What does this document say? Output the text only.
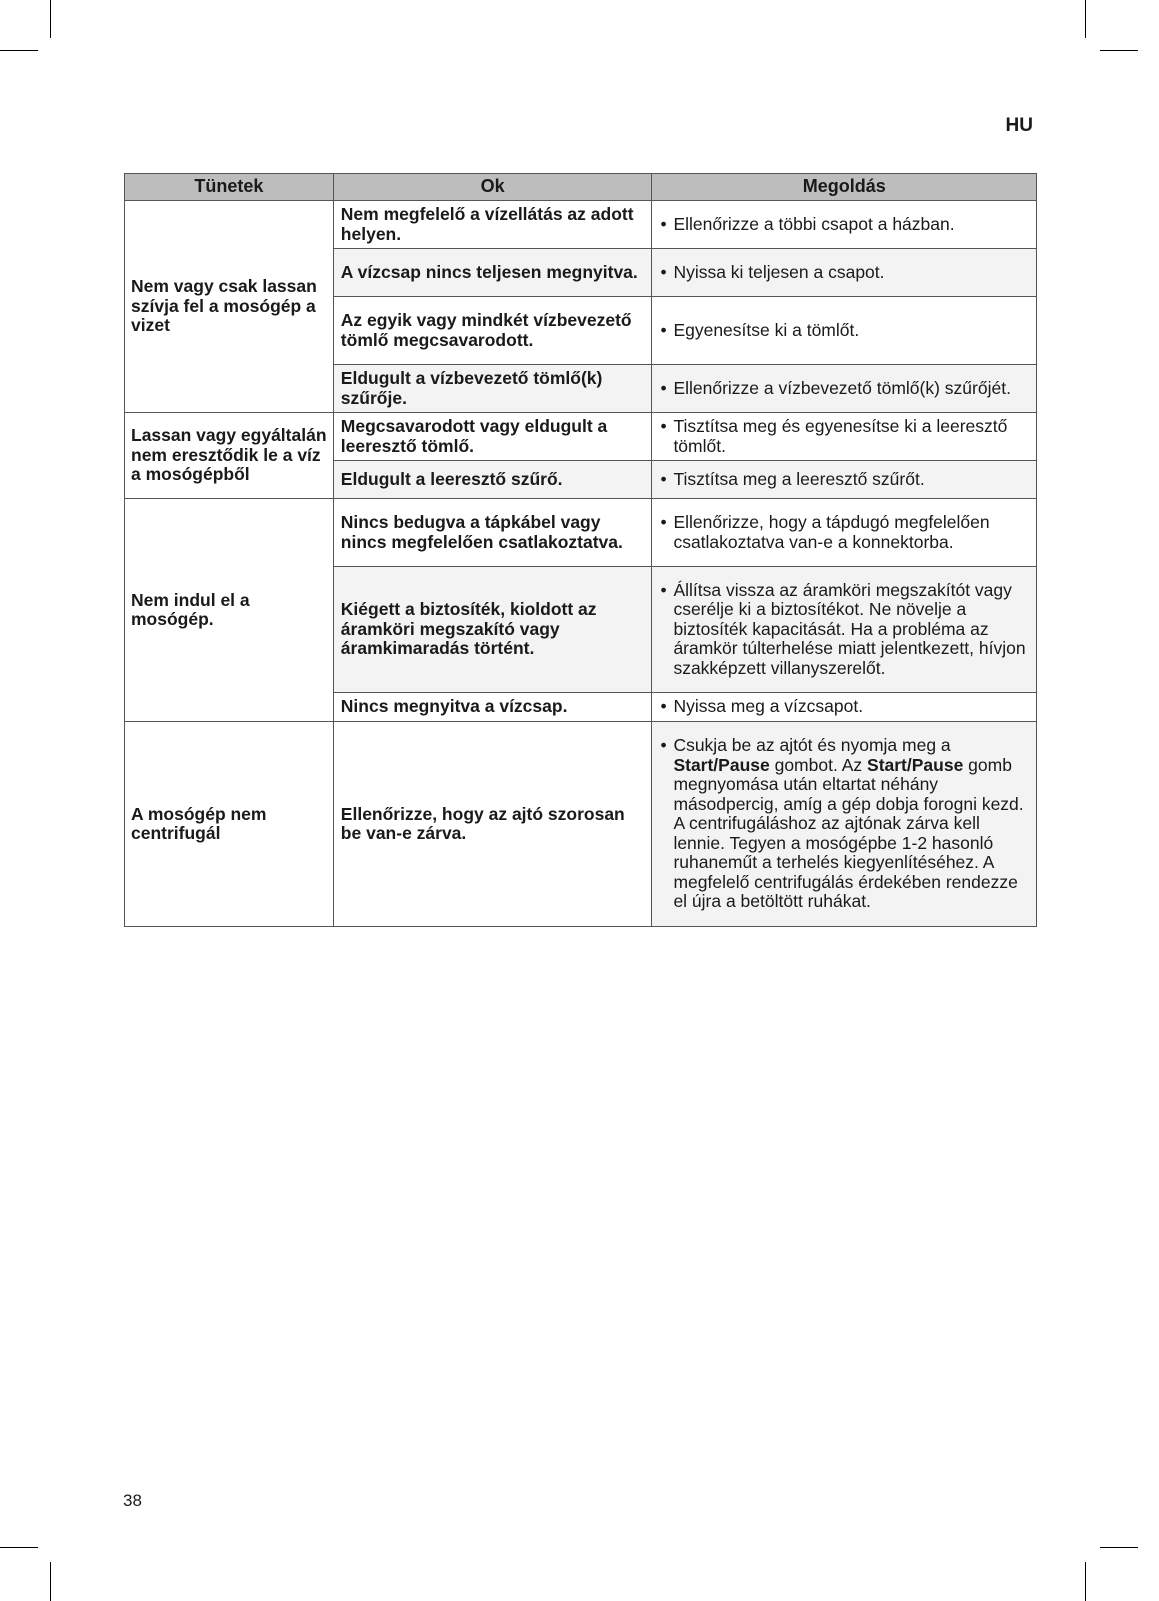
HU
Tünetek	Ok	Megoldás
Nem vagy csak lassan szívja fel a mosógép a vizet	Nem megfelelő a vízellátás az adott helyen.	• Ellenőrizze a többi csapot a házban.

	A vízcsap nincs teljesen megnyitva.	• Nyissa ki teljesen a csapot.

	Az egyik vagy mindkét vízbevezető tömlő megcsavarodott.	• Egyenesítse ki a tömlőt.

	Eldugult a vízbevezető tömlő(k) szűrője.	• Ellenőrizze a vízbevezető tömlő(k) szűrőjét.

Lassan vagy egyáltalán nem eresztődik le a víz a mosógépből	Megcsavarodott vagy eldugult a leeresztő tömlő.	• Tisztítsa meg és egyenesítse ki a leeresztő tömlőt.

	Eldugult a leeresztő szűrő.	• Tisztítsa meg a leeresztő szűrőt.

Nem indul el a mosógép.	Nincs bedugva a tápkábel vagy nincs megfelelően csatlakoztatva.	• Ellenőrizze, hogy a tápdugó megfelelően csatlakoztatva van-e a konnektorba.

	Kiégett a biztosíték, kioldott az áramköri megszakító vagy áramkimaradás történt.	• Állítsa vissza az áramköri megszakítót vagy cserélje ki a biztosítékot. Ne növelje a biztosíték kapacitását. Ha a probléma az áramkör túlterhelése miatt jelentkezett, hívjon szakképzett villanyszerelőt.

	Nincs megnyitva a vízcsap.	• Nyissa meg a vízcsapot.

A mosógép nem centrifugál	Ellenőrizze, hogy az ajtó szorosan be van-e zárva.	• Csukja be az ajtót és nyomja meg a Start/Pause gombot. Az Start/Pause gomb megnyomása után eltartat néhány másodpercig, amíg a gép dobja forogni kezd. A centrifugáláshoz az ajtónak zárva kell lennie. Tegyen a mosógépbe 1-2 hasonló ruhaneműt a terhelés kiegyenlítéséhez. A megfelelő centrifugálás érdekében rendezze el újra a betöltött ruhákat.
38
